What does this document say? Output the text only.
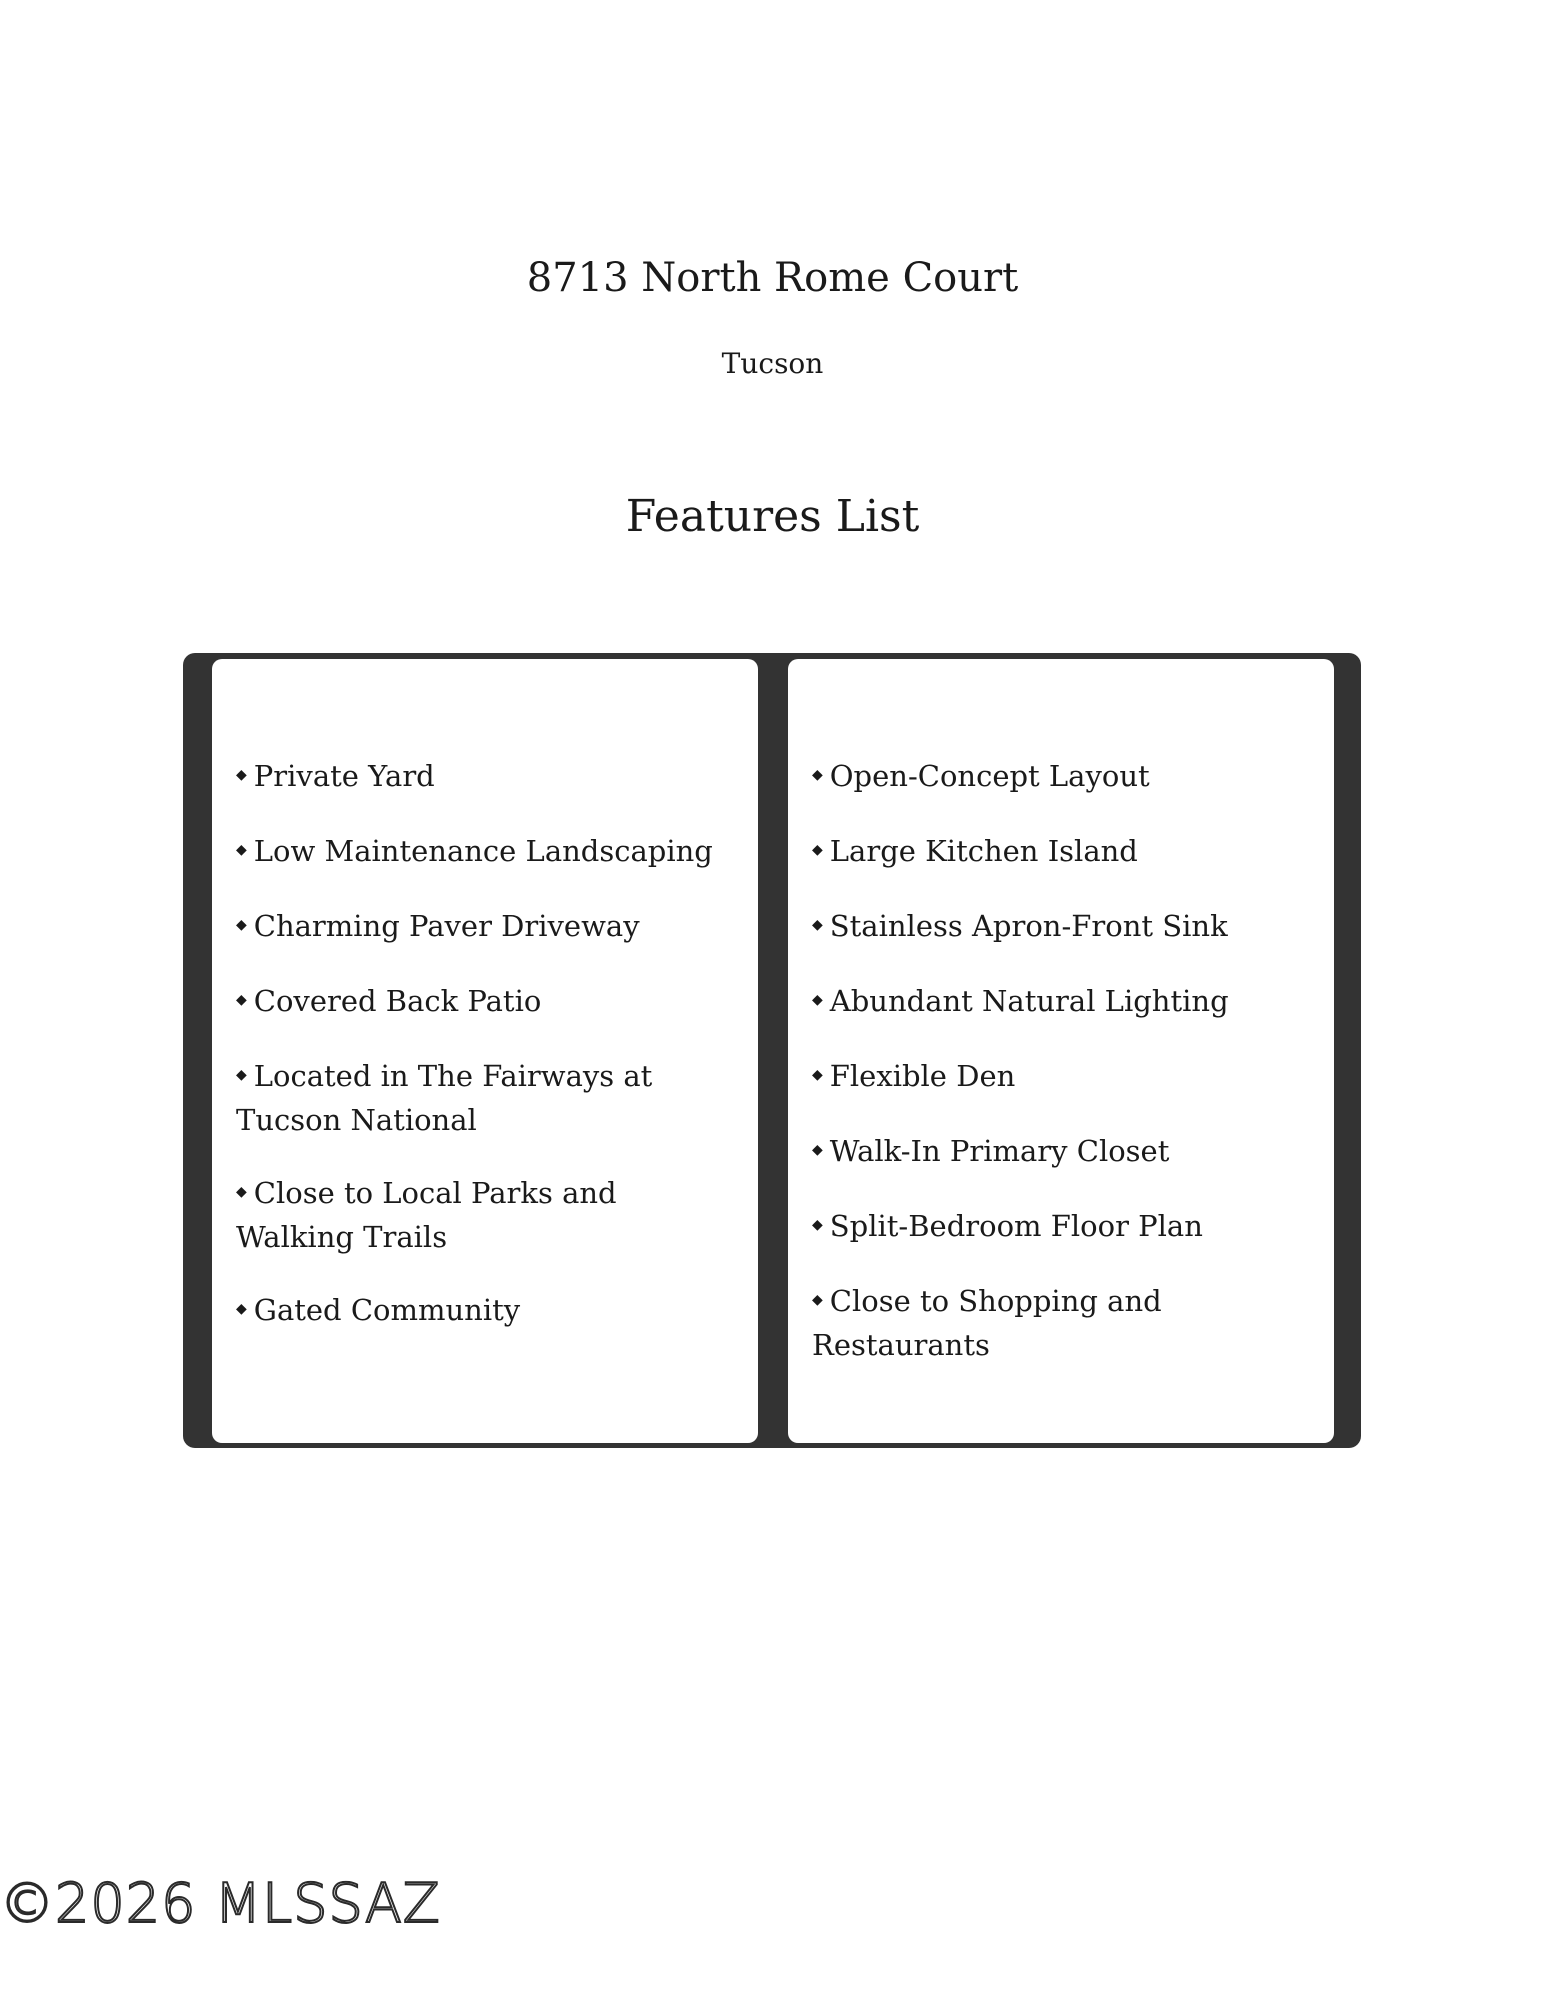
8713 North Rome Court
Tucson
Features List
◆ Private Yard
◆ Low Maintenance Landscaping
◆ Charming Paver Driveway
◆ Covered Back Patio
◆ Located in The Fairways at Tucson National
◆ Close to Local Parks and Walking Trails
◆ Gated Community
◆ Open-Concept Layout
◆ Large Kitchen Island
◆ Stainless Apron-Front Sink
◆ Abundant Natural Lighting
◆ Flexible Den
◆ Walk-In Primary Closet
◆ Split-Bedroom Floor Plan
◆ Close to Shopping and Restaurants
©2026 MLSSAZ
